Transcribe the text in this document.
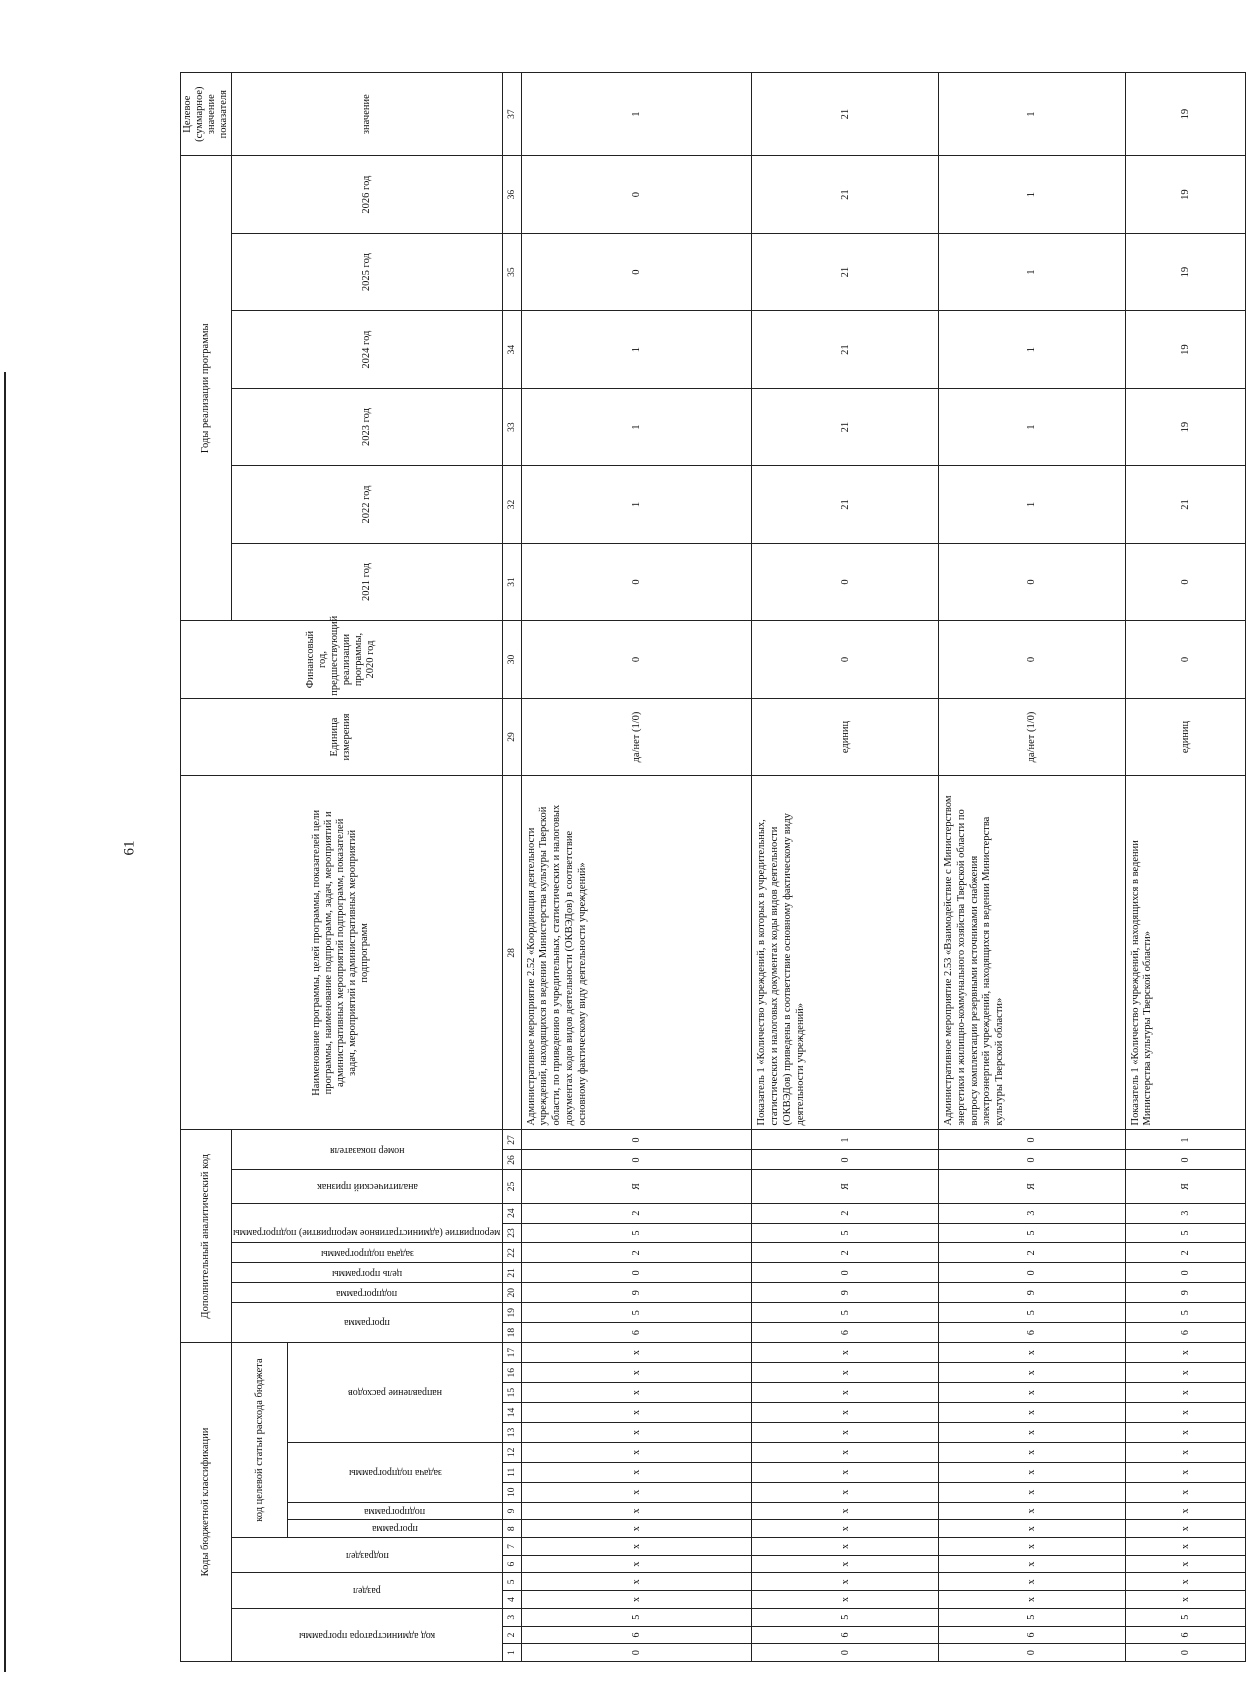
61
Коды бюджетной классификации																	Дополнительный аналитический код										Наименование программы, целей программы, показателей цели программы, наименование подпрограмм, задач, мероприятий и административных мероприятий подпрограмм, показателей задач, мероприятий и административных мероприятий подпрограмм	Единица измерения	Финансовый год, предшествующий реализации программы, 2020 год	Годы реализации программы						Целевое (суммарное) значение показателя

код администратора программы			раздел		подраздел		код целевой статьи расхода бюджета										программа		подпрограмма	цель программы	задача подпрограммы	мероприятие (административное мероприятие) подпрограммы		аналитический признак	номер показателя					2021 год	2022 год	2023 год	2024 год	2025 год	2026 год	значение

							программа	подпрограмма	задача подпрограммы			направление расходов																								

1	2	3	4	5	6	7	8	9	10	11	12	13	14	15	16	17	18	19	20	21	22	23	24	25	26	27	28	29	30	31	32	33	34	35	36	37
0	6	5	х	х	х	х	х	х	х	х	х	х	х	х	х	х	6	5	9	0	2	5	2	Я	0	0	Административное мероприятие 2.52 «Координация деятельности учреждений, находящихся в ведении Министерства культуры Тверской области, по приведению в учредительных, статистических и налоговых документах кодов видов деятельности (ОКВЭДов) в соответствие основному фактическому виду деятельности учреждений»	да/нет (1/0)	0	0	1	1	1	0	0	1
0	6	5	х	х	х	х	х	х	х	х	х	х	х	х	х	х	6	5	9	0	2	5	2	Я	0	1	Показатель 1 «Количество учреждений, в которых в учредительных, статистических и налоговых документах коды видов деятельности (ОКВЭДов) приведены в соответствие основному фактическому виду деятельности учреждений»	единиц	0	0	21	21	21	21	21	21
0	6	5	х	х	х	х	х	х	х	х	х	х	х	х	х	х	6	5	9	0	2	5	3	Я	0	0	Административное мероприятие 2.53 «Взаимодействие с Министерством энергетики и жилищно-коммунального хозяйства Тверской области по вопросу комплектации резервными источниками снабжения электроэнергией учреждений, находящихся в ведении Министерства культуры Тверской области»	да/нет (1/0)	0	0	1	1	1	1	1	1
0	6	5	х	х	х	х	х	х	х	х	х	х	х	х	х	х	6	5	9	0	2	5	3	Я	0	1	Показатель 1 «Количество учреждений, находящихся в ведении Министерства культуры Тверской области»	единиц	0	0	21	19	19	19	19	19
